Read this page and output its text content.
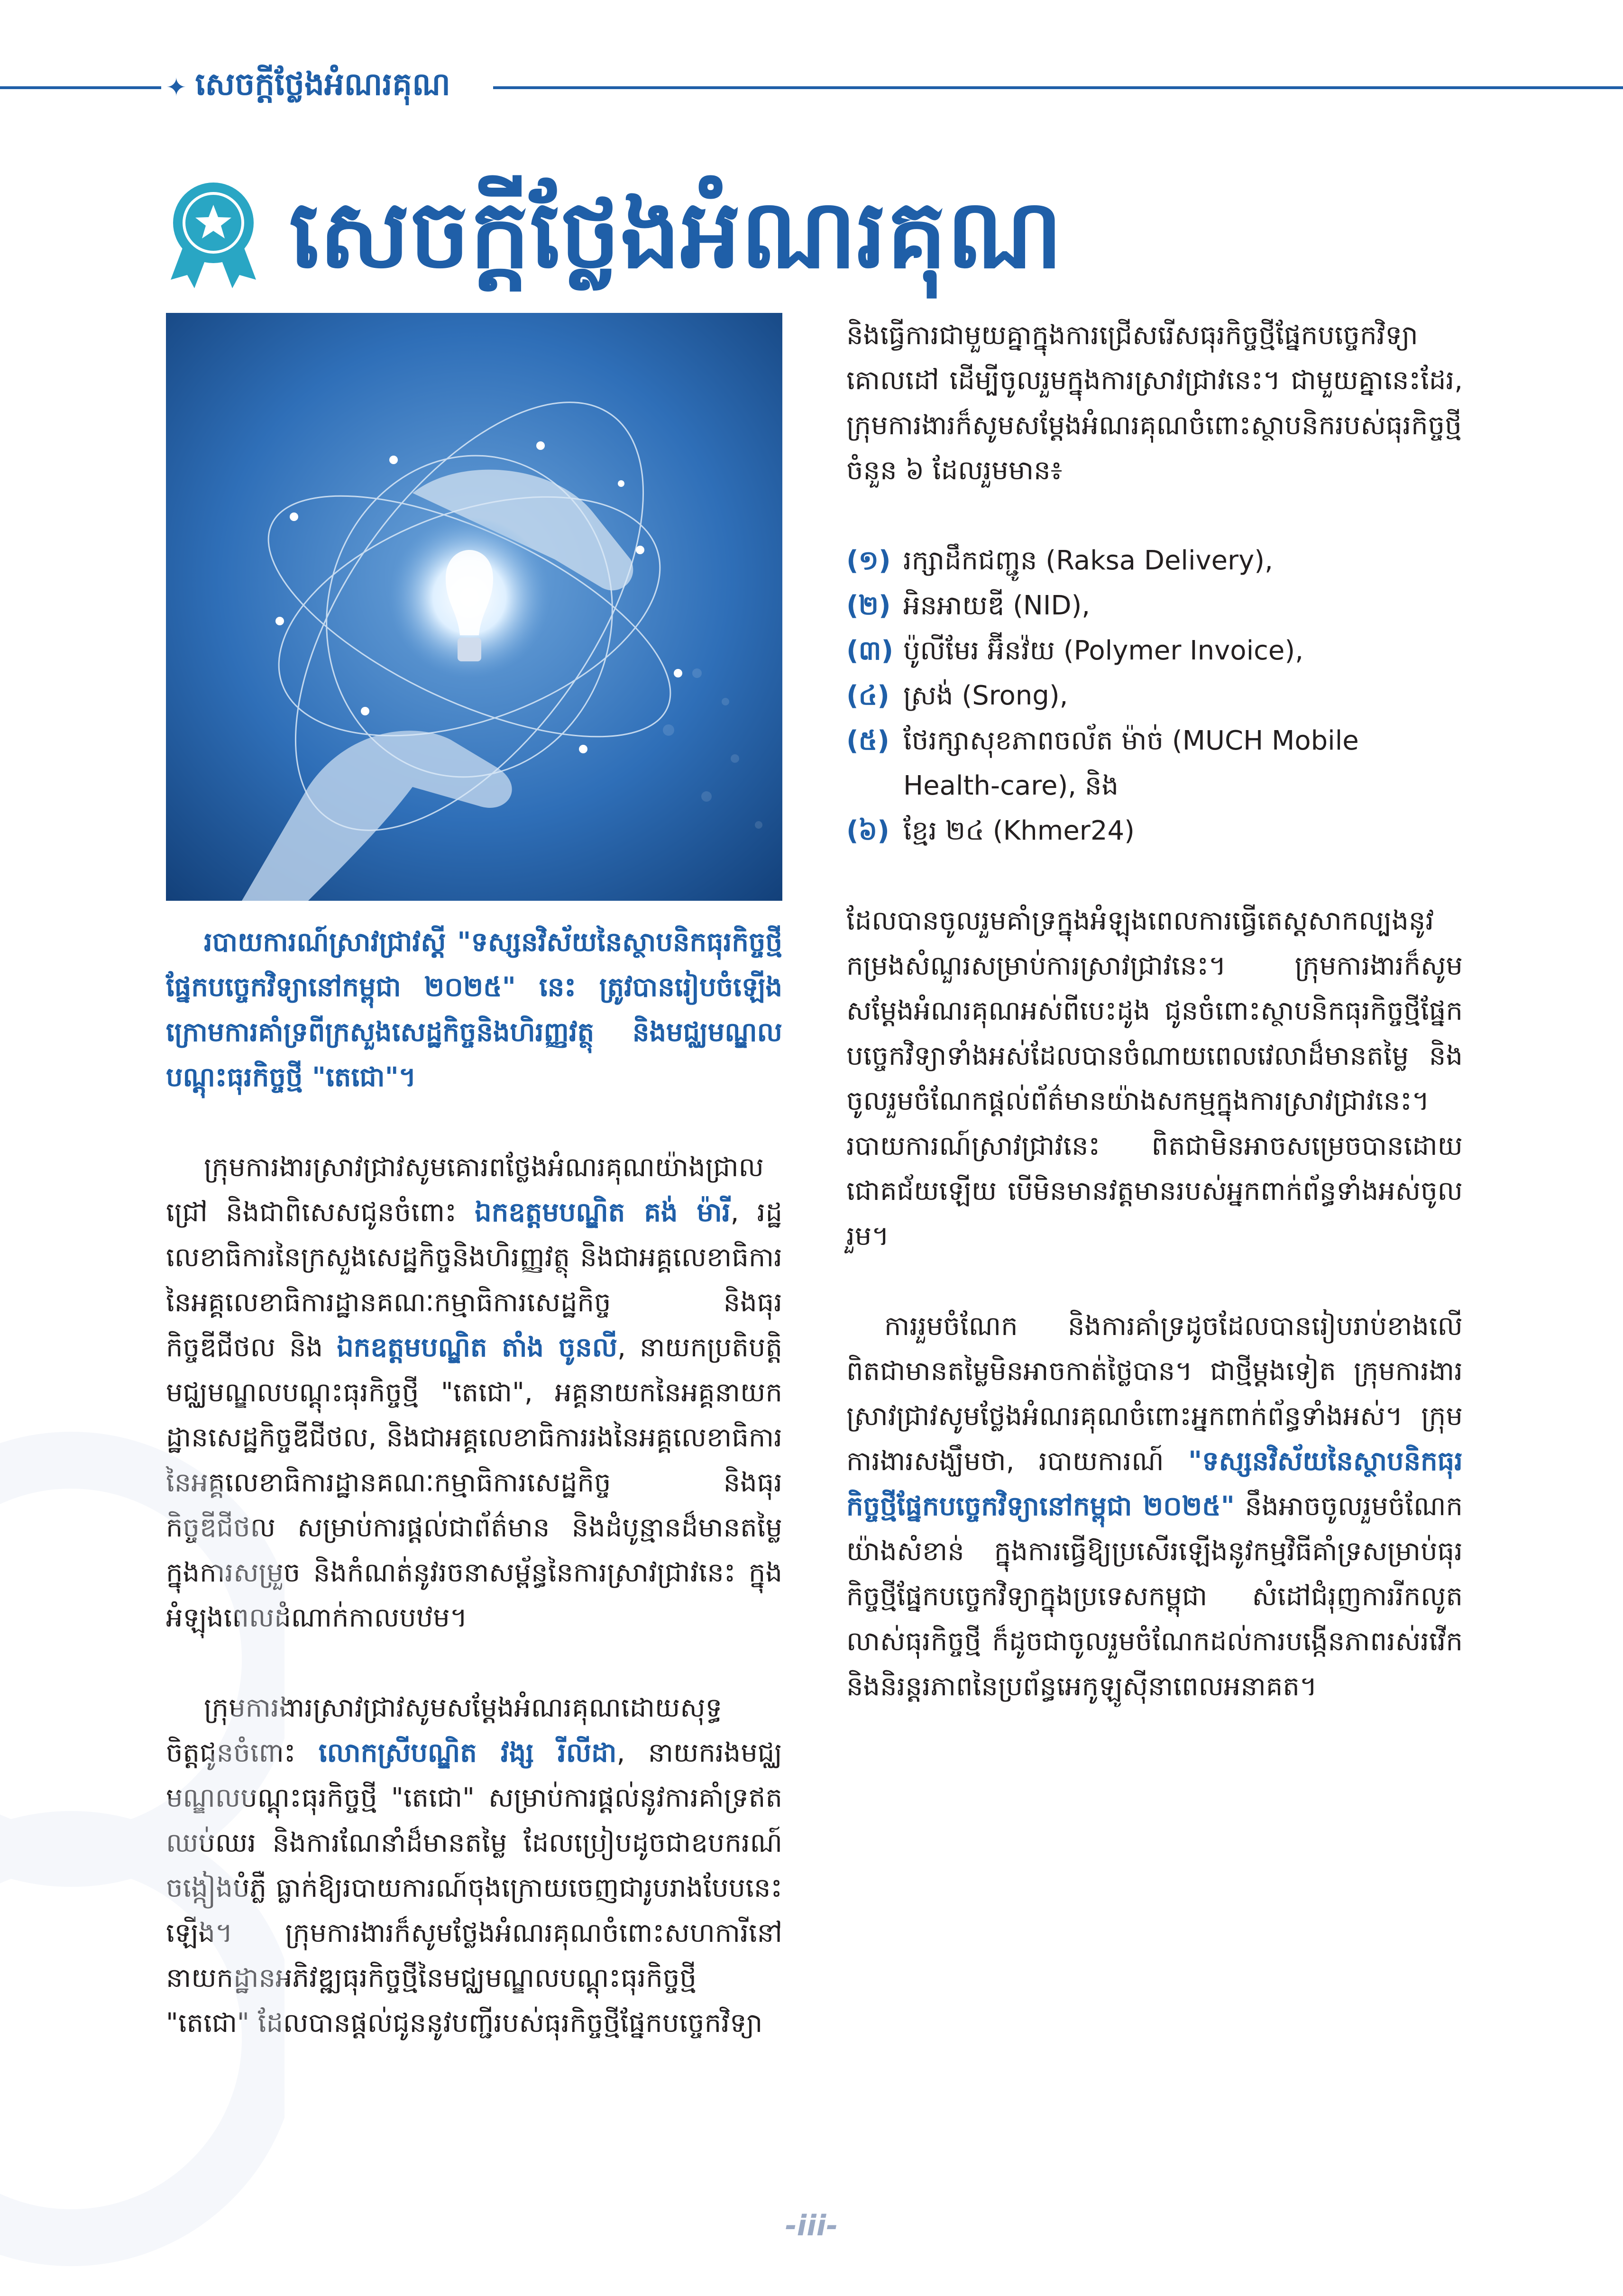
✦ សេចក្តីថ្លែងអំណរគុណ
សេចក្តីថ្លែងអំណរគុណ

របាយការណ៍ស្រាវជ្រាវស្តី "ទស្សនវិស័យនៃស្ថាបនិកធុរកិច្ចថ្មីផ្នែកបច្ចេកវិទ្យានៅកម្ពុជា ២០២៥" នេះ ត្រូវបានរៀបចំឡើងក្រោមការគាំទ្រពីក្រសួងសេដ្ឋកិច្ចនិងហិរញ្ញវត្ថុ និងមជ្ឈមណ្ឌលបណ្តុះធុរកិច្ចថ្មី "តេជោ"។

ក្រុមការងារស្រាវជ្រាវសូមគោរពថ្លែងអំណរគុណយ៉ាងជ្រាលជ្រៅ និងជាពិសេសជូនចំពោះ ឯកឧត្តមបណ្ឌិត គង់ ម៉ារី, រដ្ឋលេខាធិការនៃក្រសួងសេដ្ឋកិច្ចនិងហិរញ្ញវត្ថុ និងជាអគ្គលេខាធិការនៃអគ្គលេខាធិការដ្ឋានគណៈកម្មាធិការសេដ្ឋកិច្ច និងធុរកិច្ចឌីជីថល និង ឯកឧត្តមបណ្ឌិត តាំង ចូនលី, នាយកប្រតិបត្តិមជ្ឈមណ្ឌលបណ្តុះធុរកិច្ចថ្មី "តេជោ", អគ្គនាយកនៃអគ្គនាយកដ្ឋានសេដ្ឋកិច្ចឌីជីថល, និងជាអគ្គលេខាធិការរងនៃអគ្គលេខាធិការនៃអគ្គលេខាធិការដ្ឋានគណៈកម្មាធិការសេដ្ឋកិច្ច និងធុរកិច្ចឌីជីថល សម្រាប់ការផ្តល់ជាព័ត៌មាន និងដំបូន្មានដ៏មានតម្លៃ ក្នុងការសម្រួច និងកំណត់នូវរចនាសម្ព័ន្ធនៃការស្រាវជ្រាវនេះ ក្នុងអំឡុងពេលដំណាក់កាលបឋម។

ក្រុមការងារស្រាវជ្រាវសូមសម្តែងអំណរគុណដោយសុទ្ធចិត្តជូនចំពោះ លោកស្រីបណ្ឌិត វង្ស រីលីដា, នាយករងមជ្ឈមណ្ឌលបណ្តុះធុរកិច្ចថ្មី "តេជោ" សម្រាប់ការផ្តល់នូវការគាំទ្រឥតឈប់ឈរ និងការណែនាំដ៏មានតម្លៃ ដែលប្រៀបដូចជាឧបករណ៍ចង្កៀងបំភ្លឺ ធ្លាក់ឱ្យរបាយការណ៍ចុងក្រោយចេញជារូបរាងបែបនេះឡើង។ ក្រុមការងារក៏សូមថ្លែងអំណរគុណចំពោះសហការីនៅនាយកដ្ឋានអភិវឌ្ឍធុរកិច្ចថ្មីនៃមជ្ឈមណ្ឌលបណ្តុះធុរកិច្ចថ្មី "តេជោ" ដែលបានផ្តល់ជូននូវបញ្ជីរបស់ធុរកិច្ចថ្មីផ្នែកបច្ចេកវិទ្យា

និងធ្វើការជាមួយគ្នាក្នុងការជ្រើសរើសធុរកិច្ចថ្មីផ្នែកបច្ចេកវិទ្យាគោលដៅ ដើម្បីចូលរួមក្នុងការស្រាវជ្រាវនេះ។ ជាមួយគ្នានេះដែរ, ក្រុមការងារក៏សូមសម្តែងអំណរគុណចំពោះស្ថាបនិករបស់ធុរកិច្ចថ្មីចំនួន ៦ ដែលរួមមាន៖

(១) រក្សាដឹកជញ្ជូន (Raksa Delivery),
(២) អិនអាយឌី (NID),
(៣) ប៉ូលីមែរ អ៊ីនវ៉យ (Polymer Invoice),
(៤) ស្រង់ (Srong),
(៥) ថែរក្សាសុខភាពចល័ត ម៉ាច់ (MUCH Mobile Health-care), និង
(៦) ខ្មែរ ២៤ (Khmer24)

ដែលបានចូលរួមគាំទ្រក្នុងអំឡុងពេលការធ្វើតេស្តសាកល្បងនូវកម្រងសំណួរសម្រាប់ការស្រាវជ្រាវនេះ។ ក្រុមការងារក៏សូមសម្តែងអំណរគុណអស់ពីបេះដូង ជូនចំពោះស្ថាបនិកធុរកិច្ចថ្មីផ្នែកបច្ចេកវិទ្យាទាំងអស់ដែលបានចំណាយពេលវេលាដ៏មានតម្លៃ និងចូលរួមចំណែកផ្តល់ព័ត៌មានយ៉ាងសកម្មក្នុងការស្រាវជ្រាវនេះ។ របាយការណ៍ស្រាវជ្រាវនេះ ពិតជាមិនអាចសម្រេចបានដោយជោគជ័យឡើយ បើមិនមានវត្តមានរបស់អ្នកពាក់ព័ន្ធទាំងអស់ចូលរួម។

ការរួមចំណែក និងការគាំទ្រដូចដែលបានរៀបរាប់ខាងលើពិតជាមានតម្លៃមិនអាចកាត់ថ្លៃបាន។ ជាថ្មីម្តងទៀត ក្រុមការងារស្រាវជ្រាវសូមថ្លែងអំណរគុណចំពោះអ្នកពាក់ព័ន្ធទាំងអស់។ ក្រុមការងារសង្ឃឹមថា, របាយការណ៍ "ទស្សនវិស័យនៃស្ថាបនិកធុរកិច្ចថ្មីផ្នែកបច្ចេកវិទ្យានៅកម្ពុជា ២០២៥" នឹងអាចចូលរួមចំណែកយ៉ាងសំខាន់ ក្នុងការធ្វើឱ្យប្រសើរឡើងនូវកម្មវិធីគាំទ្រសម្រាប់ធុរកិច្ចថ្មីផ្នែកបច្ចេកវិទ្យាក្នុងប្រទេសកម្ពុជា សំដៅជំរុញការរីកលូតលាស់ធុរកិច្ចថ្មី ក៏ដូចជាចូលរួមចំណែកដល់ការបង្កើនភាពរស់រវើក និងនិរន្តរភាពនៃប្រព័ន្ធអេកូឡូស៊ីនាពេលអនាគត។

-iii-
